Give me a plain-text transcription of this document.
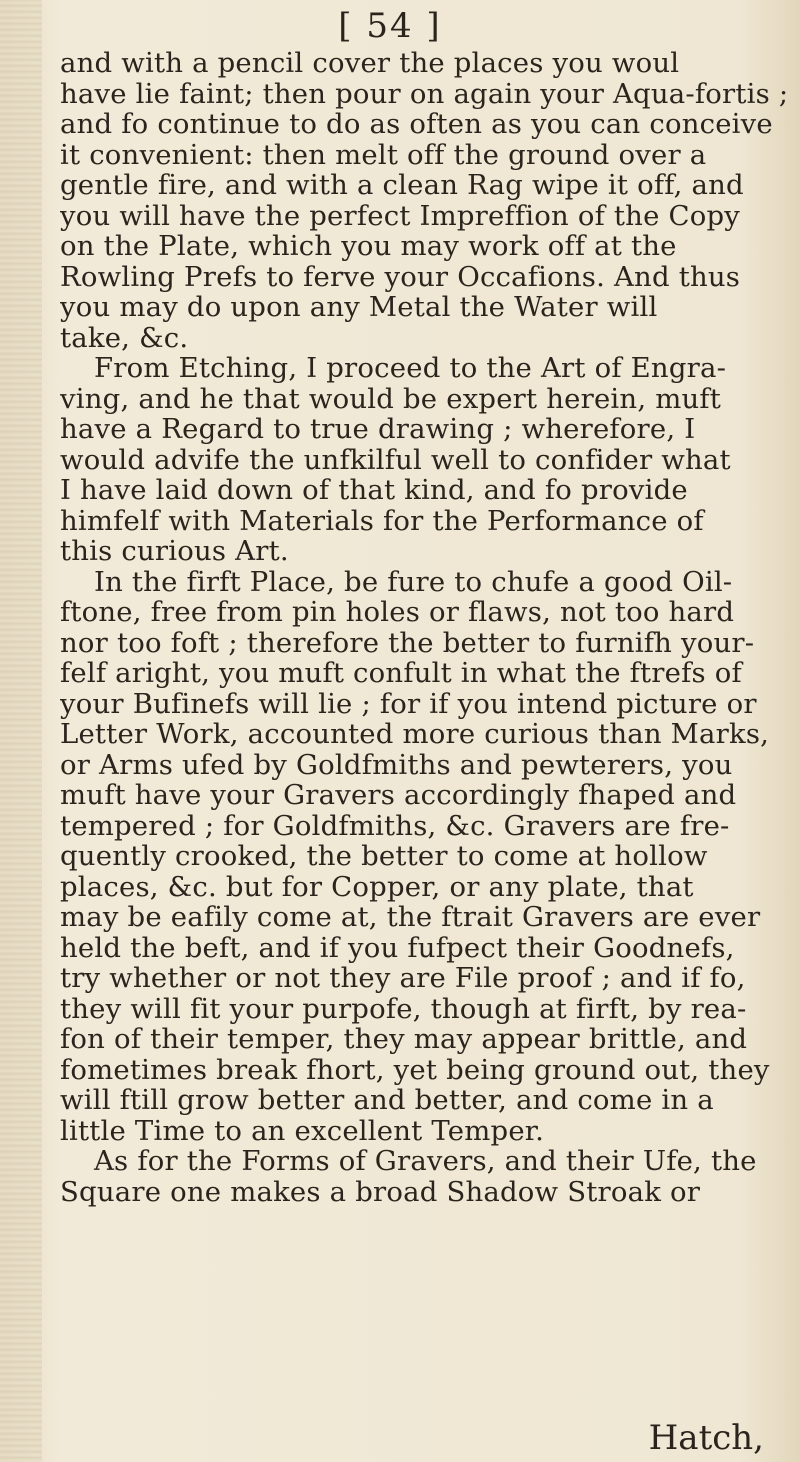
[ 54 ]
and with a pencil cover the places you woul
have lie faint; then pour on again your Aqua-fortis ;
and fo continue to do as often as you can conceive
it convenient: then melt off the ground over a
gentle fire, and with a clean Rag wipe it off, and
you will have the perfect Impreffion of the Copy
on the Plate, which you may work off at the
Rowling Prefs to ferve your Occafions. And thus
you may do upon any Metal the Water will
take, &c.
From Etching, I proceed to the Art of Engra-
ving, and he that would be expert herein, muft
have a Regard to true drawing ; wherefore, I
would advife the unfkilful well to confider what
I have laid down of that kind, and fo provide
himfelf with Materials for the Performance of
this curious Art.
In the firft Place, be fure to chufe a good Oil-
ftone, free from pin holes or flaws, not too hard
nor too foft ; therefore the better to furnifh your-
felf aright, you muft confult in what the ftrefs of
your Bufinefs will lie ; for if you intend picture or
Letter Work, accounted more curious than Marks,
or Arms ufed by Goldfmiths and pewterers, you
muft have your Gravers accordingly fhaped and
tempered ; for Goldfmiths, &c. Gravers are fre-
quently crooked, the better to come at hollow
places, &c. but for Copper, or any plate, that
may be eafily come at, the ftrait Gravers are ever
held the beft, and if you fufpect their Goodnefs,
try whether or not they are File proof ; and if fo,
they will fit your purpofe, though at firft, by rea-
fon of their temper, they may appear brittle, and
fometimes break fhort, yet being ground out, they
will ftill grow better and better, and come in a
little Time to an excellent Temper.
As for the Forms of Gravers, and their Ufe, the
Square one makes a broad Shadow Stroak or
Hatch,
